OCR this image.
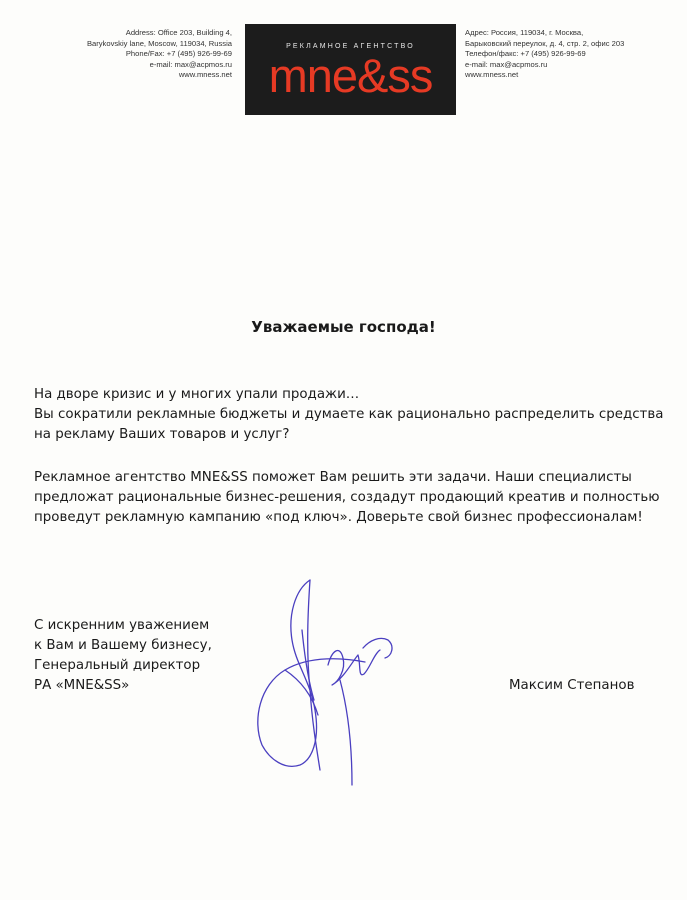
Address: Office 203, Building 4,
Barykovskiy lane, Moscow, 119034, Russia
Phone/Fax: +7 (495) 926-99-69
e-mail: max@acpmos.ru
www.mness.net
РЕКЛАМНОЕ АГЕНТСТВО
mne&ss
Адрес: Россия, 119034, г. Москва,
Барыковский переулок, д. 4, стр. 2, офис 203
Телефон/факс: +7 (495) 926-99-69
e-mail: max@acpmos.ru
www.mness.net
Уважаемые господа!
На дворе кризис и у многих упали продажи…
Вы сократили рекламные бюджеты и думаете как рационально распределить средства
на рекламу Ваших товаров и услуг?
Рекламное агентство MNE&SS поможет Вам решить эти задачи. Наши специалисты
предложат рациональные бизнес-решения, создадут продающий креатив и полностью
проведут рекламную кампанию «под ключ». Доверьте свой бизнес профессионалам!
С искренним уважением
к Вам и Вашему бизнесу,
Генеральный директор
РА «MNE&SS»	Максим Степанов
